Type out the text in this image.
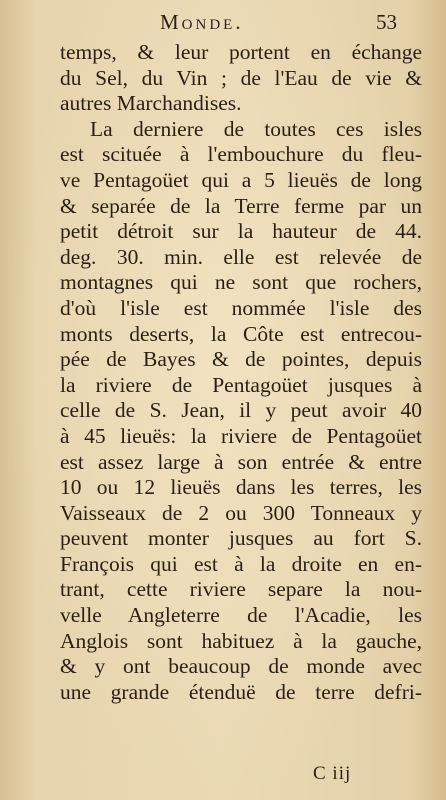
Monde.	53
temps, & leur portent en échange
du Sel, du Vin ; de l'Eau de vie &
autres Marchandises.
La derniere de toutes ces isles
est scituée à l'embouchure du fleu-
ve Pentagoüet qui a 5 lieuës de long
& separée de la Terre ferme par un
petit détroit sur la hauteur de 44.
deg. 30. min. elle est relevée de
montagnes qui ne sont que rochers,
d'où l'isle est nommée l'isle des
monts deserts, la Côte est entrecou-
pée de Bayes & de pointes, depuis
la riviere de Pentagoüet jusques à
celle de S. Jean, il y peut avoir 40
à 45 lieuës: la riviere de Pentagoüet
est assez large à son entrée & entre
10 ou 12 lieuës dans les terres, les
Vaisseaux de 2 ou 300 Tonneaux y
peuvent monter jusques au fort S.
François qui est à la droite en en-
trant, cette riviere separe la nou-
velle Angleterre de l'Acadie, les
Anglois sont habituez à la gauche,
& y ont beaucoup de monde avec
une grande étenduë de terre defri-
C iij
